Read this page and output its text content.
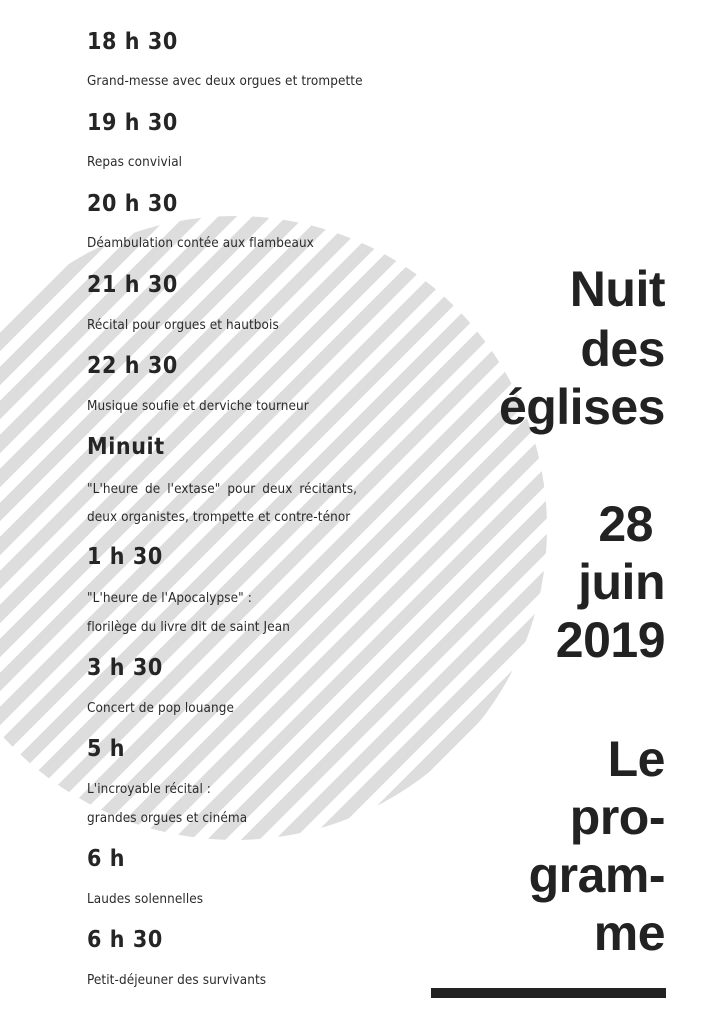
18 h 30
Grand-messe avec deux orgues et trompette
19 h 30
Repas convivial
20 h 30
Déambulation contée aux flambeaux
21 h 30
Récital pour orgues et hautbois
22 h 30
Musique soufie et derviche tourneur
Minuit
"L'heure de l'extase" pour deux récitants,
deux organistes, trompette et contre-ténor
1 h 30
"L'heure de l'Apocalypse" :
florilège du livre dit de saint Jean
3 h 30
Concert de pop louange
5 h
L'incroyable récital :
grandes orgues et cinéma
6 h
Laudes solennelles
6 h 30
Petit-déjeuner des survivants
Nuit
des
églises
28
juin
2019
Le
pro-
gram-
me
